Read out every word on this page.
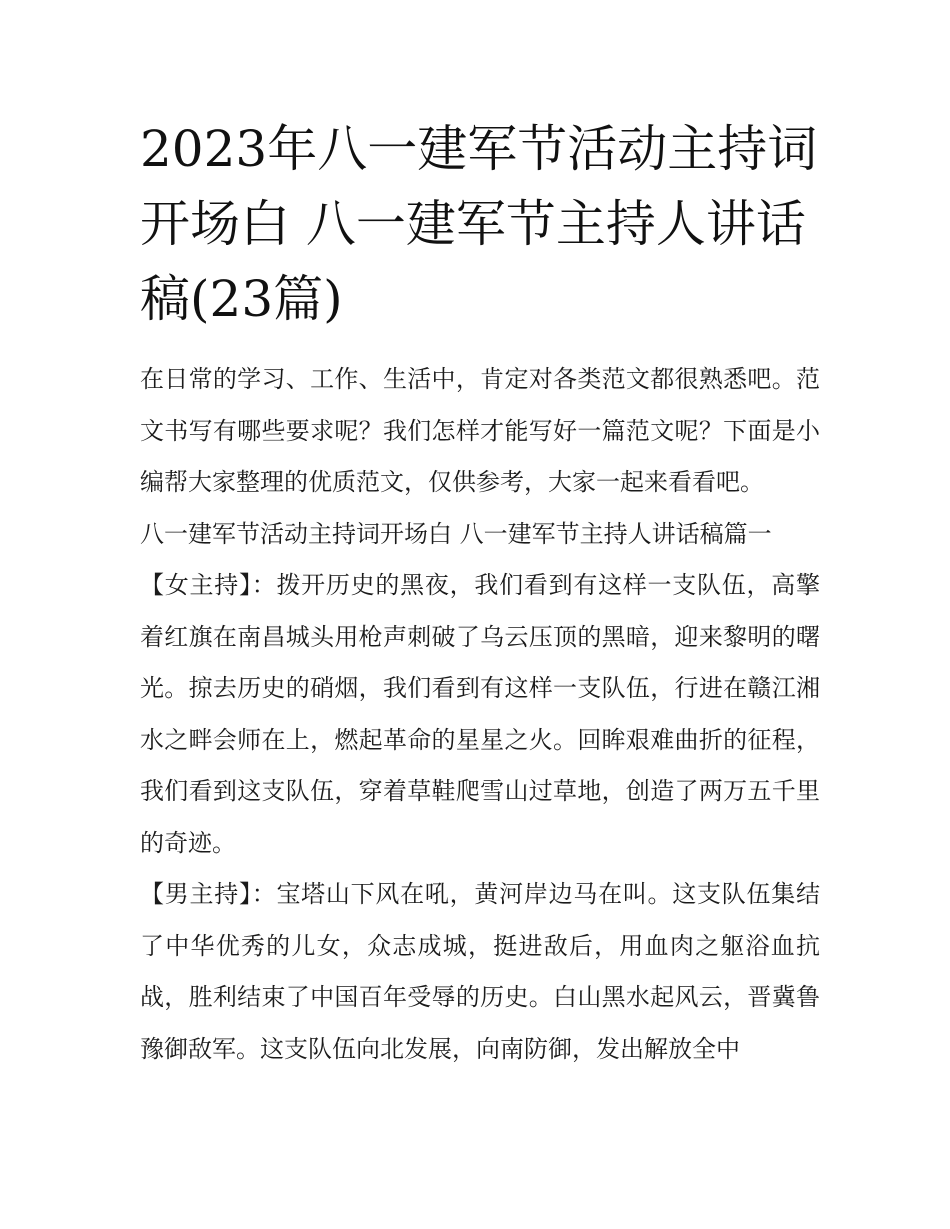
2023年八一建军节活动主持词开场白 八一建军节主持人讲话稿(23篇)

在日常的学习、工作、生活中，肯定对各类范文都很熟悉吧。范文书写有哪些要求呢？我们怎样才能写好一篇范文呢？下面是小编帮大家整理的优质范文，仅供参考，大家一起来看看吧。

八一建军节活动主持词开场白 八一建军节主持人讲话稿篇一

【女主持】：拨开历史的黑夜，我们看到有这样一支队伍，高擎着红旗在南昌城头用枪声刺破了乌云压顶的黑暗，迎来黎明的曙光。掠去历史的硝烟，我们看到有这样一支队伍，行进在赣江湘水之畔会师在上，燃起革命的星星之火。回眸艰难曲折的征程，我们看到这支队伍，穿着草鞋爬雪山过草地，创造了两万五千里的奇迹。

【男主持】：宝塔山下风在吼，黄河岸边马在叫。这支队伍集结了中华优秀的儿女，众志成城，挺进敌后，用血肉之躯浴血抗战，胜利结束了中国百年受辱的历史。白山黑水起风云，晋冀鲁豫御敌军。这支队伍向北发展，向南防御，发出解放全中
